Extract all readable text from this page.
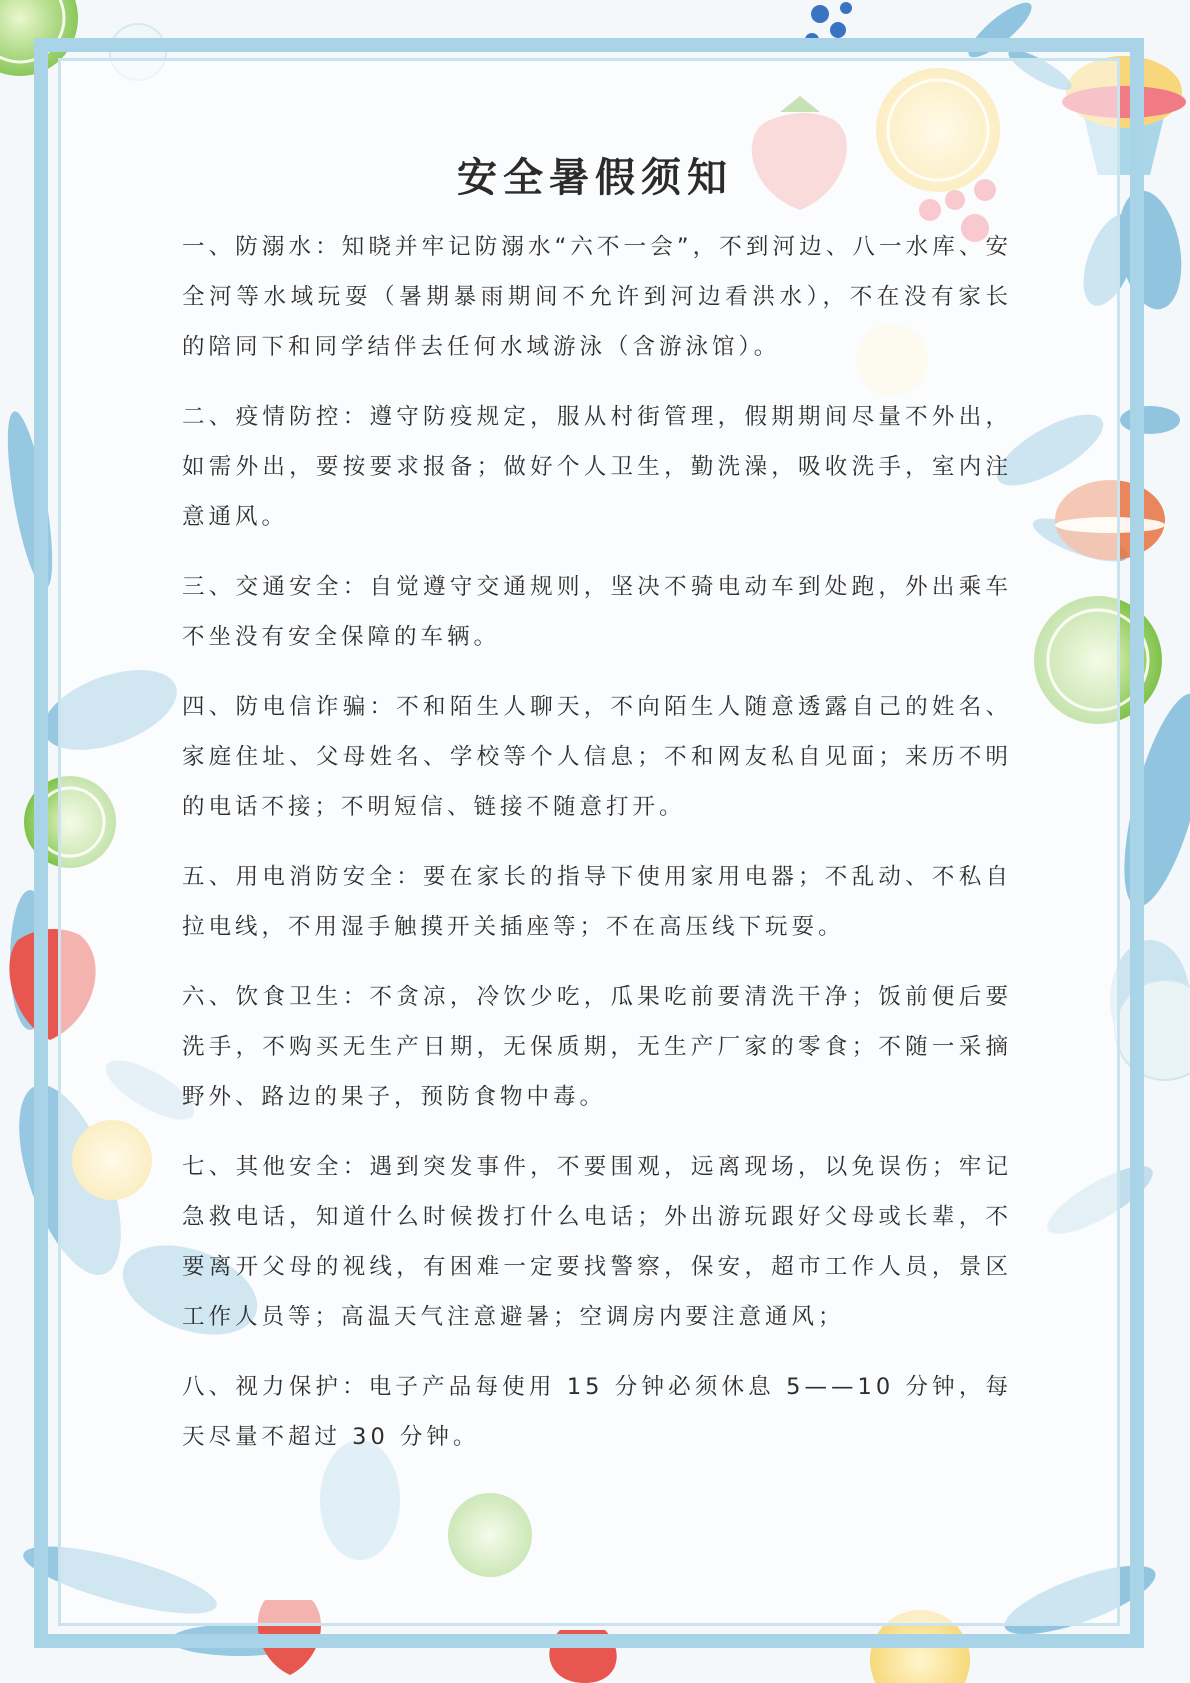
安全暑假须知

一、防溺水：知晓并牢记防溺水“六不一会”，不到河边、八一水库、安全河等水域玩耍（暑期暴雨期间不允许到河边看洪水），不在没有家长的陪同下和同学结伴去任何水域游泳（含游泳馆）。

二、疫情防控：遵守防疫规定，服从村街管理，假期期间尽量不外出，如需外出，要按要求报备；做好个人卫生，勤洗澡，吸收洗手，室内注意通风。

三、交通安全：自觉遵守交通规则，坚决不骑电动车到处跑，外出乘车不坐没有安全保障的车辆。

四、防电信诈骗：不和陌生人聊天，不向陌生人随意透露自己的姓名、家庭住址、父母姓名、学校等个人信息；不和网友私自见面；来历不明的电话不接；不明短信、链接不随意打开。

五、用电消防安全：要在家长的指导下使用家用电器；不乱动、不私自拉电线，不用湿手触摸开关插座等；不在高压线下玩耍。

六、饮食卫生：不贪凉，冷饮少吃，瓜果吃前要清洗干净；饭前便后要洗手，不购买无生产日期，无保质期，无生产厂家的零食；不随一采摘野外、路边的果子，预防食物中毒。

七、其他安全：遇到突发事件，不要围观，远离现场，以免误伤；牢记急救电话，知道什么时候拨打什么电话；外出游玩跟好父母或长辈，不要离开父母的视线，有困难一定要找警察，保安，超市工作人员，景区工作人员等；高温天气注意避暑；空调房内要注意通风；

八、视力保护：电子产品每使用 15 分钟必须休息 5——10 分钟，每天尽量不超过 30 分钟。
